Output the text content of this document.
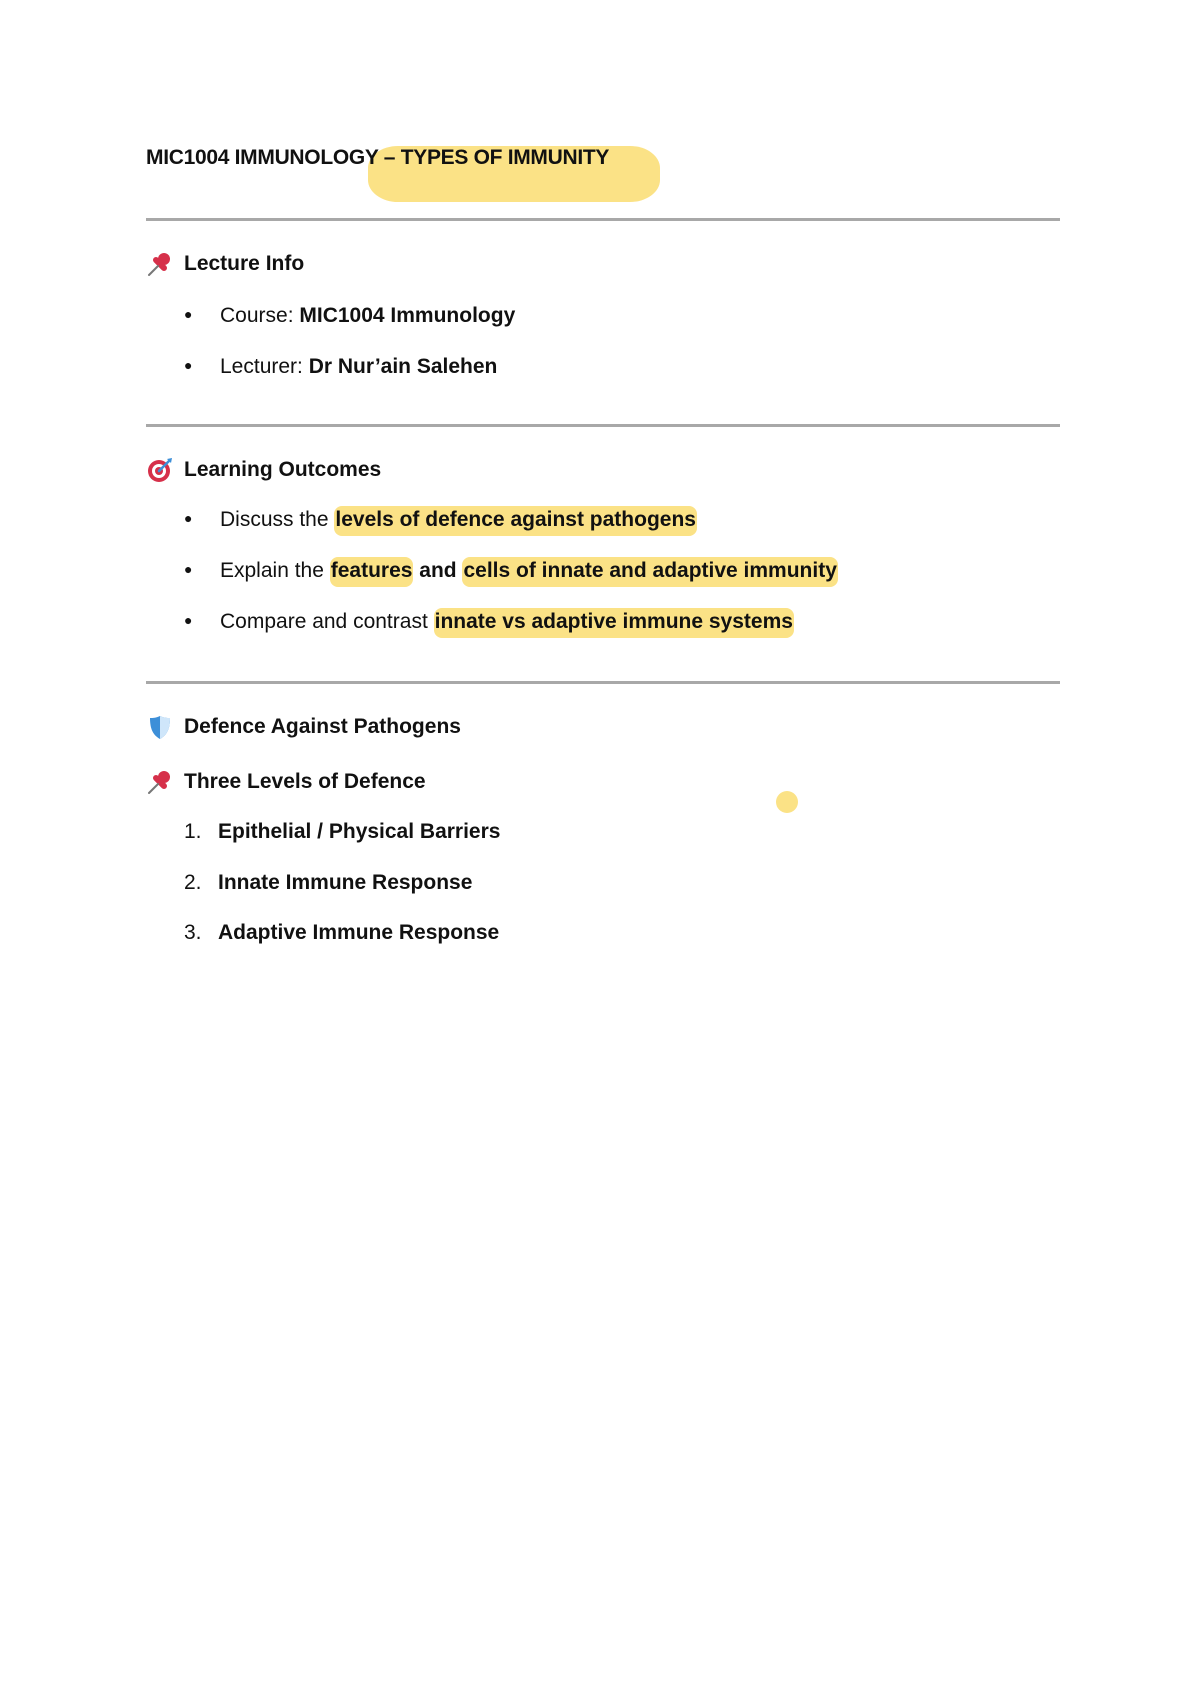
MIC1004 IMMUNOLOGY – TYPES OF IMMUNITY
Lecture Info
● Course: MIC1004 Immunology
● Lecturer: Dr Nur’ain Salehen
Learning Outcomes
● Discuss the levels of defence against pathogens
● Explain the features and cells of innate and adaptive immunity
● Compare and contrast innate vs adaptive immune systems
Defence Against Pathogens
Three Levels of Defence
1. Epithelial / Physical Barriers
2. Innate Immune Response
3. Adaptive Immune Response
